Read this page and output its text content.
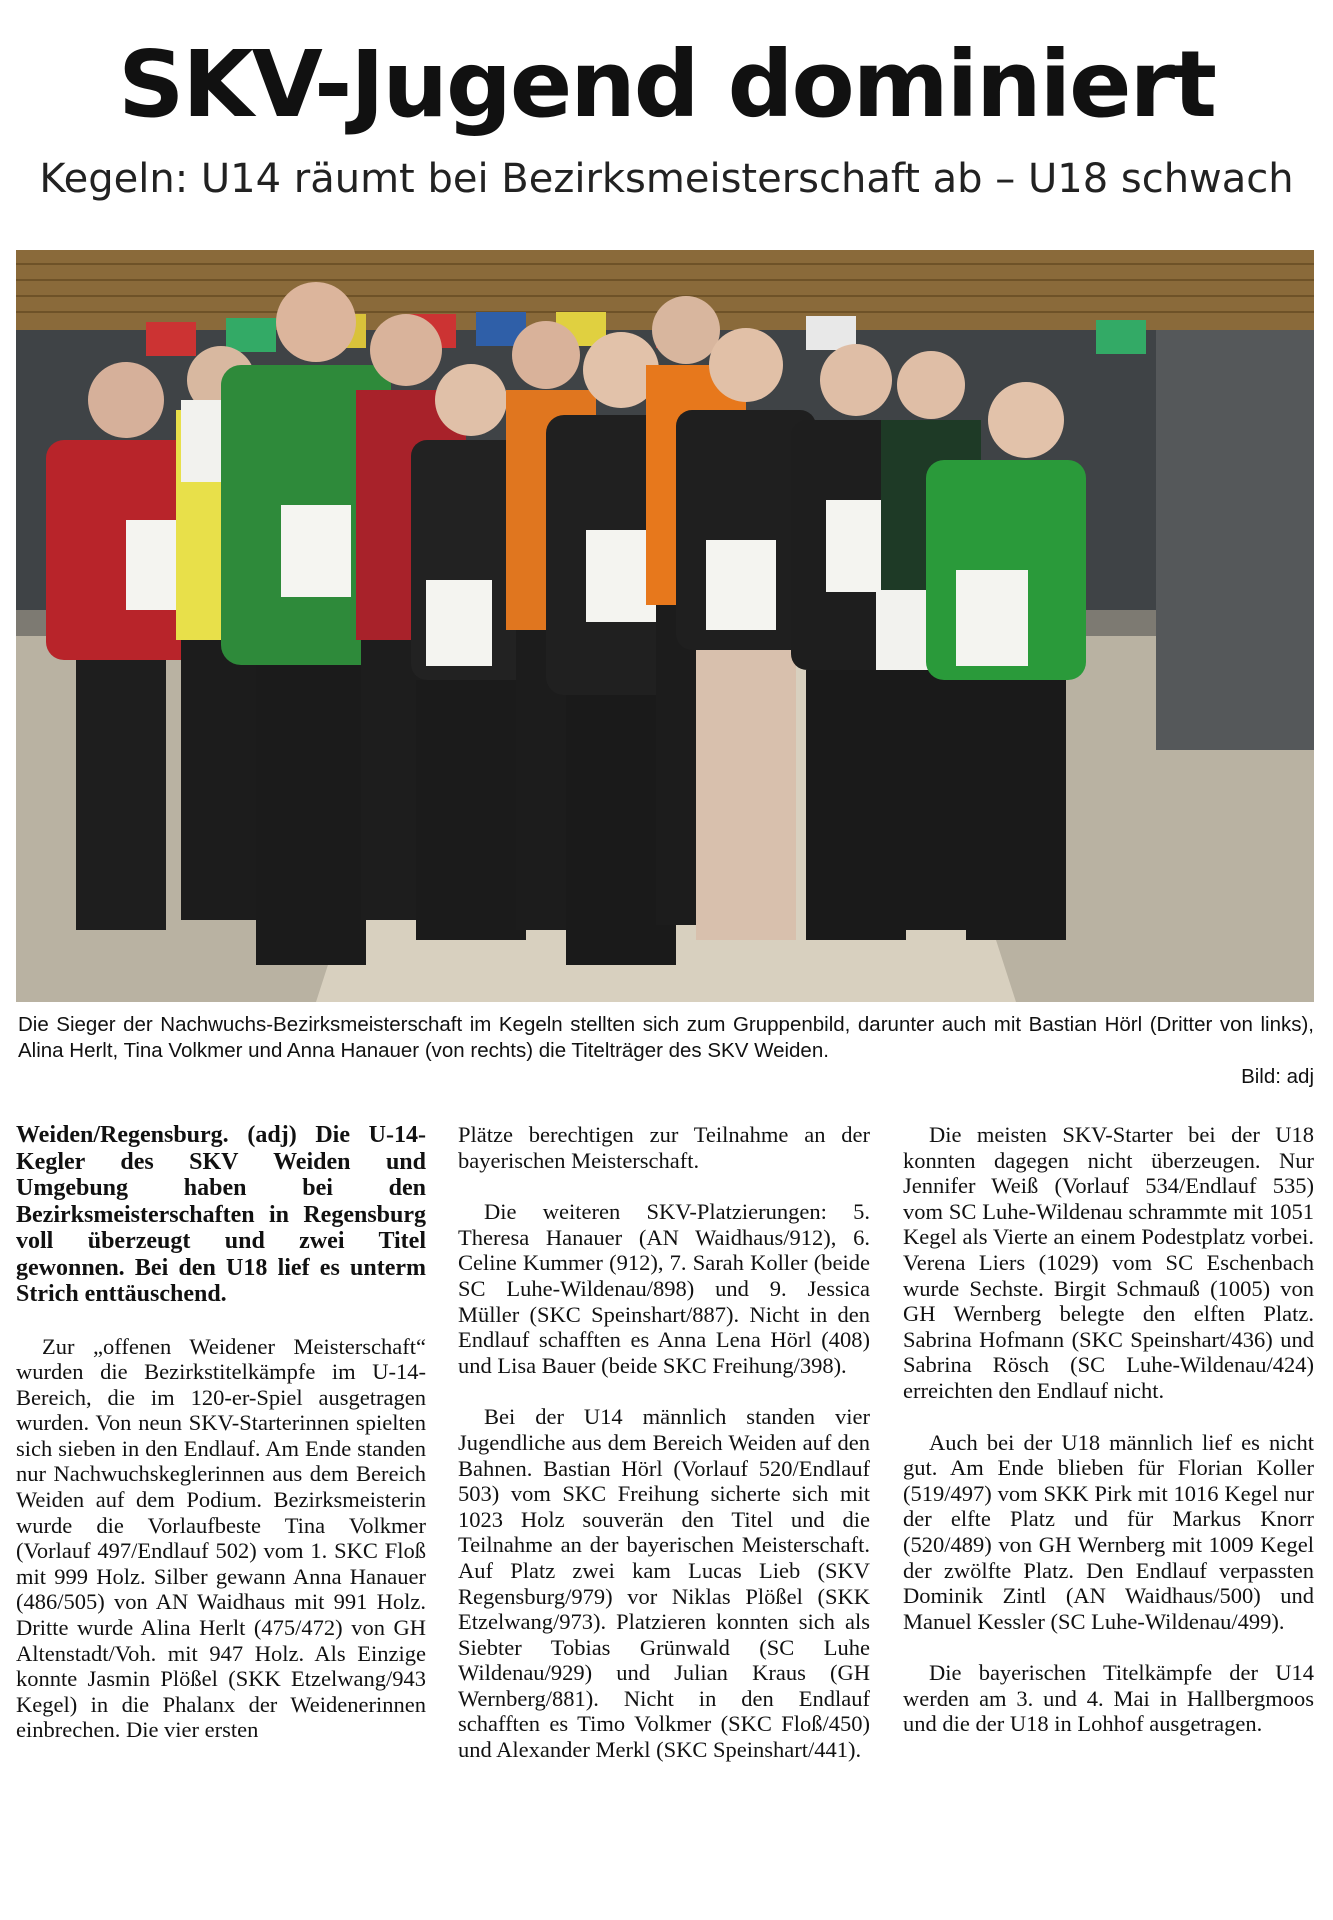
SKV-Jugend dominiert
Kegeln: U14 räumt bei Bezirksmeisterschaft ab – U18 schwach
Die Sieger der Nachwuchs-Bezirksmeisterschaft im Kegeln stellten sich zum Gruppenbild, darunter auch mit Bastian Hörl (Dritter von links), Alina Herlt, Tina Volkmer und Anna Hanauer (von rechts) die Titelträger des SKV Weiden.
Bild: adj

Weiden/Regensburg. (adj) Die U-14-Kegler des SKV Weiden und Umgebung haben bei den Bezirksmeisterschaften in Regensburg voll überzeugt und zwei Titel gewonnen. Bei den U18 lief es unterm Strich enttäuschend.

Zur „offenen Weidener Meisterschaft“ wurden die Bezirkstitelkämpfe im U-14-Bereich, die im 120-er-Spiel ausgetragen wurden. Von neun SKV-Starterinnen spielten sich sieben in den Endlauf. Am Ende standen nur Nachwuchskeglerinnen aus dem Bereich Weiden auf dem Podium. Bezirksmeisterin wurde die Vorlaufbeste Tina Volkmer (Vorlauf 497/Endlauf 502) vom 1. SKC Floß mit 999 Holz. Silber gewann Anna Hanauer (486/505) von AN Waidhaus mit 991 Holz. Dritte wurde Alina Herlt (475/472) von GH Altenstadt/Voh. mit 947 Holz. Als Einzige konnte Jasmin Plößel (SKK Etzelwang/943 Kegel) in die Phalanx der Weidenerinnen einbrechen. Die vier ersten

Plätze berechtigen zur Teilnahme an der bayerischen Meisterschaft.

Die weiteren SKV-Platzierungen: 5. Theresa Hanauer (AN Waidhaus/912), 6. Celine Kummer (912), 7. Sarah Koller (beide SC Luhe-Wildenau/898) und 9. Jessica Müller (SKC Speinshart/887). Nicht in den Endlauf schafften es Anna Lena Hörl (408) und Lisa Bauer (beide SKC Freihung/398).

Bei der U14 männlich standen vier Jugendliche aus dem Bereich Weiden auf den Bahnen. Bastian Hörl (Vorlauf 520/Endlauf 503) vom SKC Freihung sicherte sich mit 1023 Holz souverän den Titel und die Teilnahme an der bayerischen Meisterschaft. Auf Platz zwei kam Lucas Lieb (SKV Regensburg/979) vor Niklas Plößel (SKK Etzelwang/973). Platzieren konnten sich als Siebter Tobias Grünwald (SC Luhe Wildenau/929) und Julian Kraus (GH Wernberg/881). Nicht in den Endlauf schafften es Timo Volkmer (SKC Floß/450) und Alexander Merkl (SKC Speinshart/441).

Die meisten SKV-Starter bei der U18 konnten dagegen nicht überzeugen. Nur Jennifer Weiß (Vorlauf 534/Endlauf 535) vom SC Luhe-Wildenau schrammte mit 1051 Kegel als Vierte an einem Podestplatz vorbei. Verena Liers (1029) vom SC Eschenbach wurde Sechste. Birgit Schmauß (1005) von GH Wernberg belegte den elften Platz. Sabrina Hofmann (SKC Speinshart/436) und Sabrina Rösch (SC Luhe-Wildenau/424) erreichten den Endlauf nicht.

Auch bei der U18 männlich lief es nicht gut. Am Ende blieben für Florian Koller (519/497) vom SKK Pirk mit 1016 Kegel nur der elfte Platz und für Markus Knorr (520/489) von GH Wernberg mit 1009 Kegel der zwölfte Platz. Den Endlauf verpassten Dominik Zintl (AN Waidhaus/500) und Manuel Kessler (SC Luhe-Wildenau/499).

Die bayerischen Titelkämpfe der U14 werden am 3. und 4. Mai in Hallbergmoos und die der U18 in Lohhof ausgetragen.
